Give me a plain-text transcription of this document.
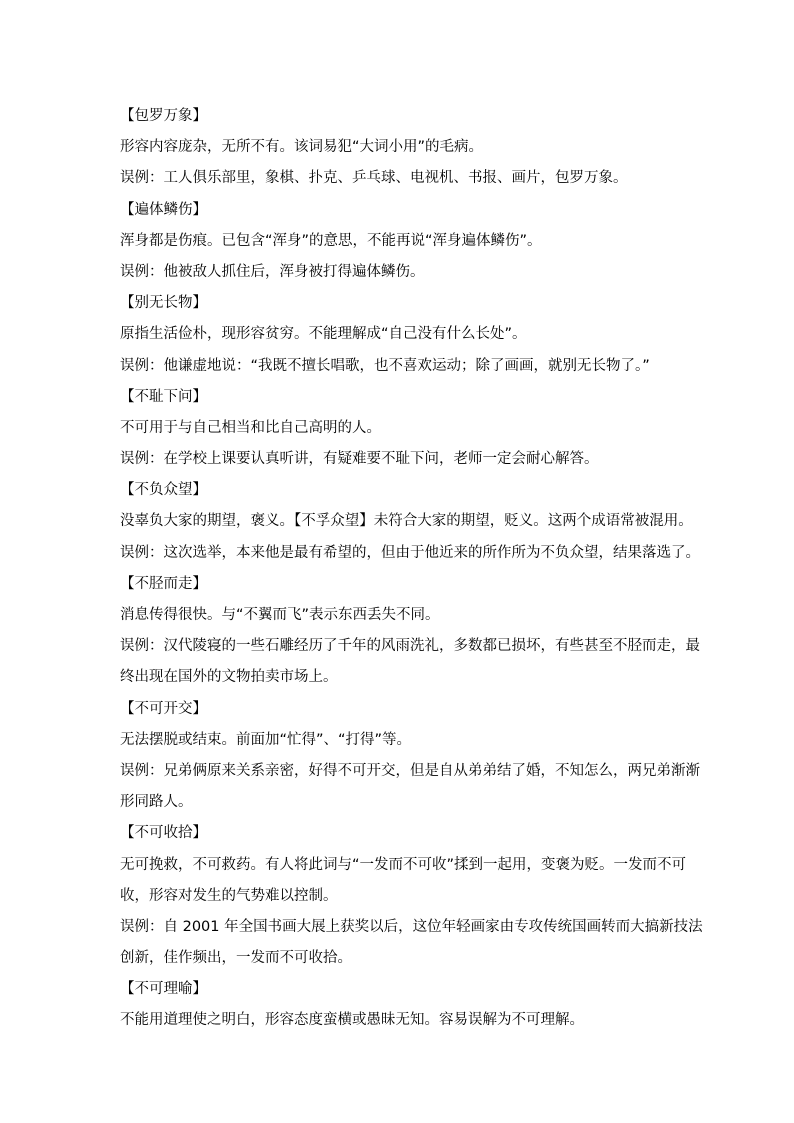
【包罗万象】
形容内容庞杂，无所不有。该词易犯“大词小用”的毛病。
误例：工人俱乐部里，象棋、扑克、乒乓球、电视机、书报、画片，包罗万象。
【遍体鳞伤】
浑身都是伤痕。已包含“浑身”的意思，不能再说“浑身遍体鳞伤”。
误例：他被敌人抓住后，浑身被打得遍体鳞伤。
【别无长物】
原指生活俭朴，现形容贫穷。不能理解成“自己没有什么长处”。
误例：他谦虚地说：“我既不擅长唱歌，也不喜欢运动；除了画画，就别无长物了。”
【不耻下问】
不可用于与自己相当和比自己高明的人。
误例：在学校上课要认真听讲，有疑难要不耻下问，老师一定会耐心解答。
【不负众望】
没辜负大家的期望，褒义。【不孚众望】未符合大家的期望，贬义。这两个成语常被混用。
误例：这次选举，本来他是最有希望的，但由于他近来的所作所为不负众望，结果落选了。
【不胫而走】
消息传得很快。与“不翼而飞”表示东西丢失不同。
误例：汉代陵寝的一些石雕经历了千年的风雨洗礼，多数都已损坏，有些甚至不胫而走，最
终出现在国外的文物拍卖市场上。
【不可开交】
无法摆脱或结束。前面加“忙得”、“打得”等。
误例：兄弟俩原来关系亲密，好得不可开交，但是自从弟弟结了婚，不知怎么，两兄弟渐渐
形同路人。
【不可收拾】
无可挽救，不可救药。有人将此词与“一发而不可收”揉到一起用，变褒为贬。一发而不可
收，形容对发生的气势难以控制。
误例：自 2001 年全国书画大展上获奖以后，这位年轻画家由专攻传统国画转而大搞新技法
创新，佳作频出，一发而不可收拾。
【不可理喻】
不能用道理使之明白，形容态度蛮横或愚昧无知。容易误解为不可理解。
